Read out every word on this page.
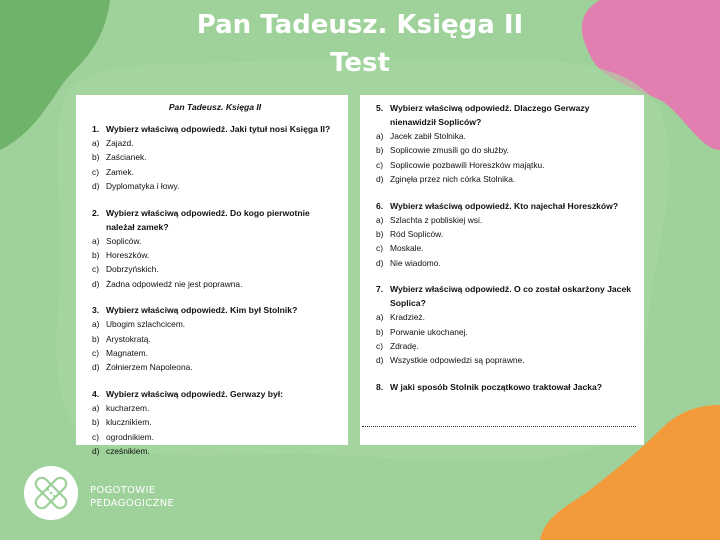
Pan Tadeusz. Księga II
Test
Pan Tadeusz. Księga II
1. Wybierz właściwą odpowiedź. Jaki tytuł nosi Księga II?
a) Zajazd.
b) Zaścianek.
c) Zamek.
d) Dyplomatyka i łowy.
2. Wybierz właściwą odpowiedź. Do kogo pierwotnie należał zamek?
a) Sopliców.
b) Horeszków.
c) Dobrzyńskich.
d) Żadna odpowiedź nie jest poprawna.
3. Wybierz właściwą odpowiedź. Kim był Stolnik?
a) Ubogim szlachcicem.
b) Arystokratą.
c) Magnatem.
d) Żołnierzem Napoleona.
4. Wybierz właściwą odpowiedź. Gerwazy był:
a) kucharzem.
b) klucznikiem.
c) ogrodnikiem.
d) cześnikiem.
5. Wybierz właściwą odpowiedź. Dlaczego Gerwazy nienawidził Sopliców?
a) Jacek zabił Stolnika.
b) Soplicowie zmusili go do służby.
c) Soplicowie pozbawili Horeszków majątku.
d) Zginęła przez nich córka Stolnika.
6. Wybierz właściwą odpowiedź. Kto najechał Horeszków?
a) Szlachta z pobliskiej wsi.
b) Ród Sopliców.
c) Moskale.
d) Nie wiadomo.
7. Wybierz właściwą odpowiedź. O co został oskarżony Jacek Soplica?
a) Kradzież.
b) Porwanie ukochanej.
c) Zdradę.
d) Wszystkie odpowiedzi są poprawne.
8. W jaki sposób Stolnik początkowo traktował Jacka?
POGOTOWIE
PEDAGOGICZNE
